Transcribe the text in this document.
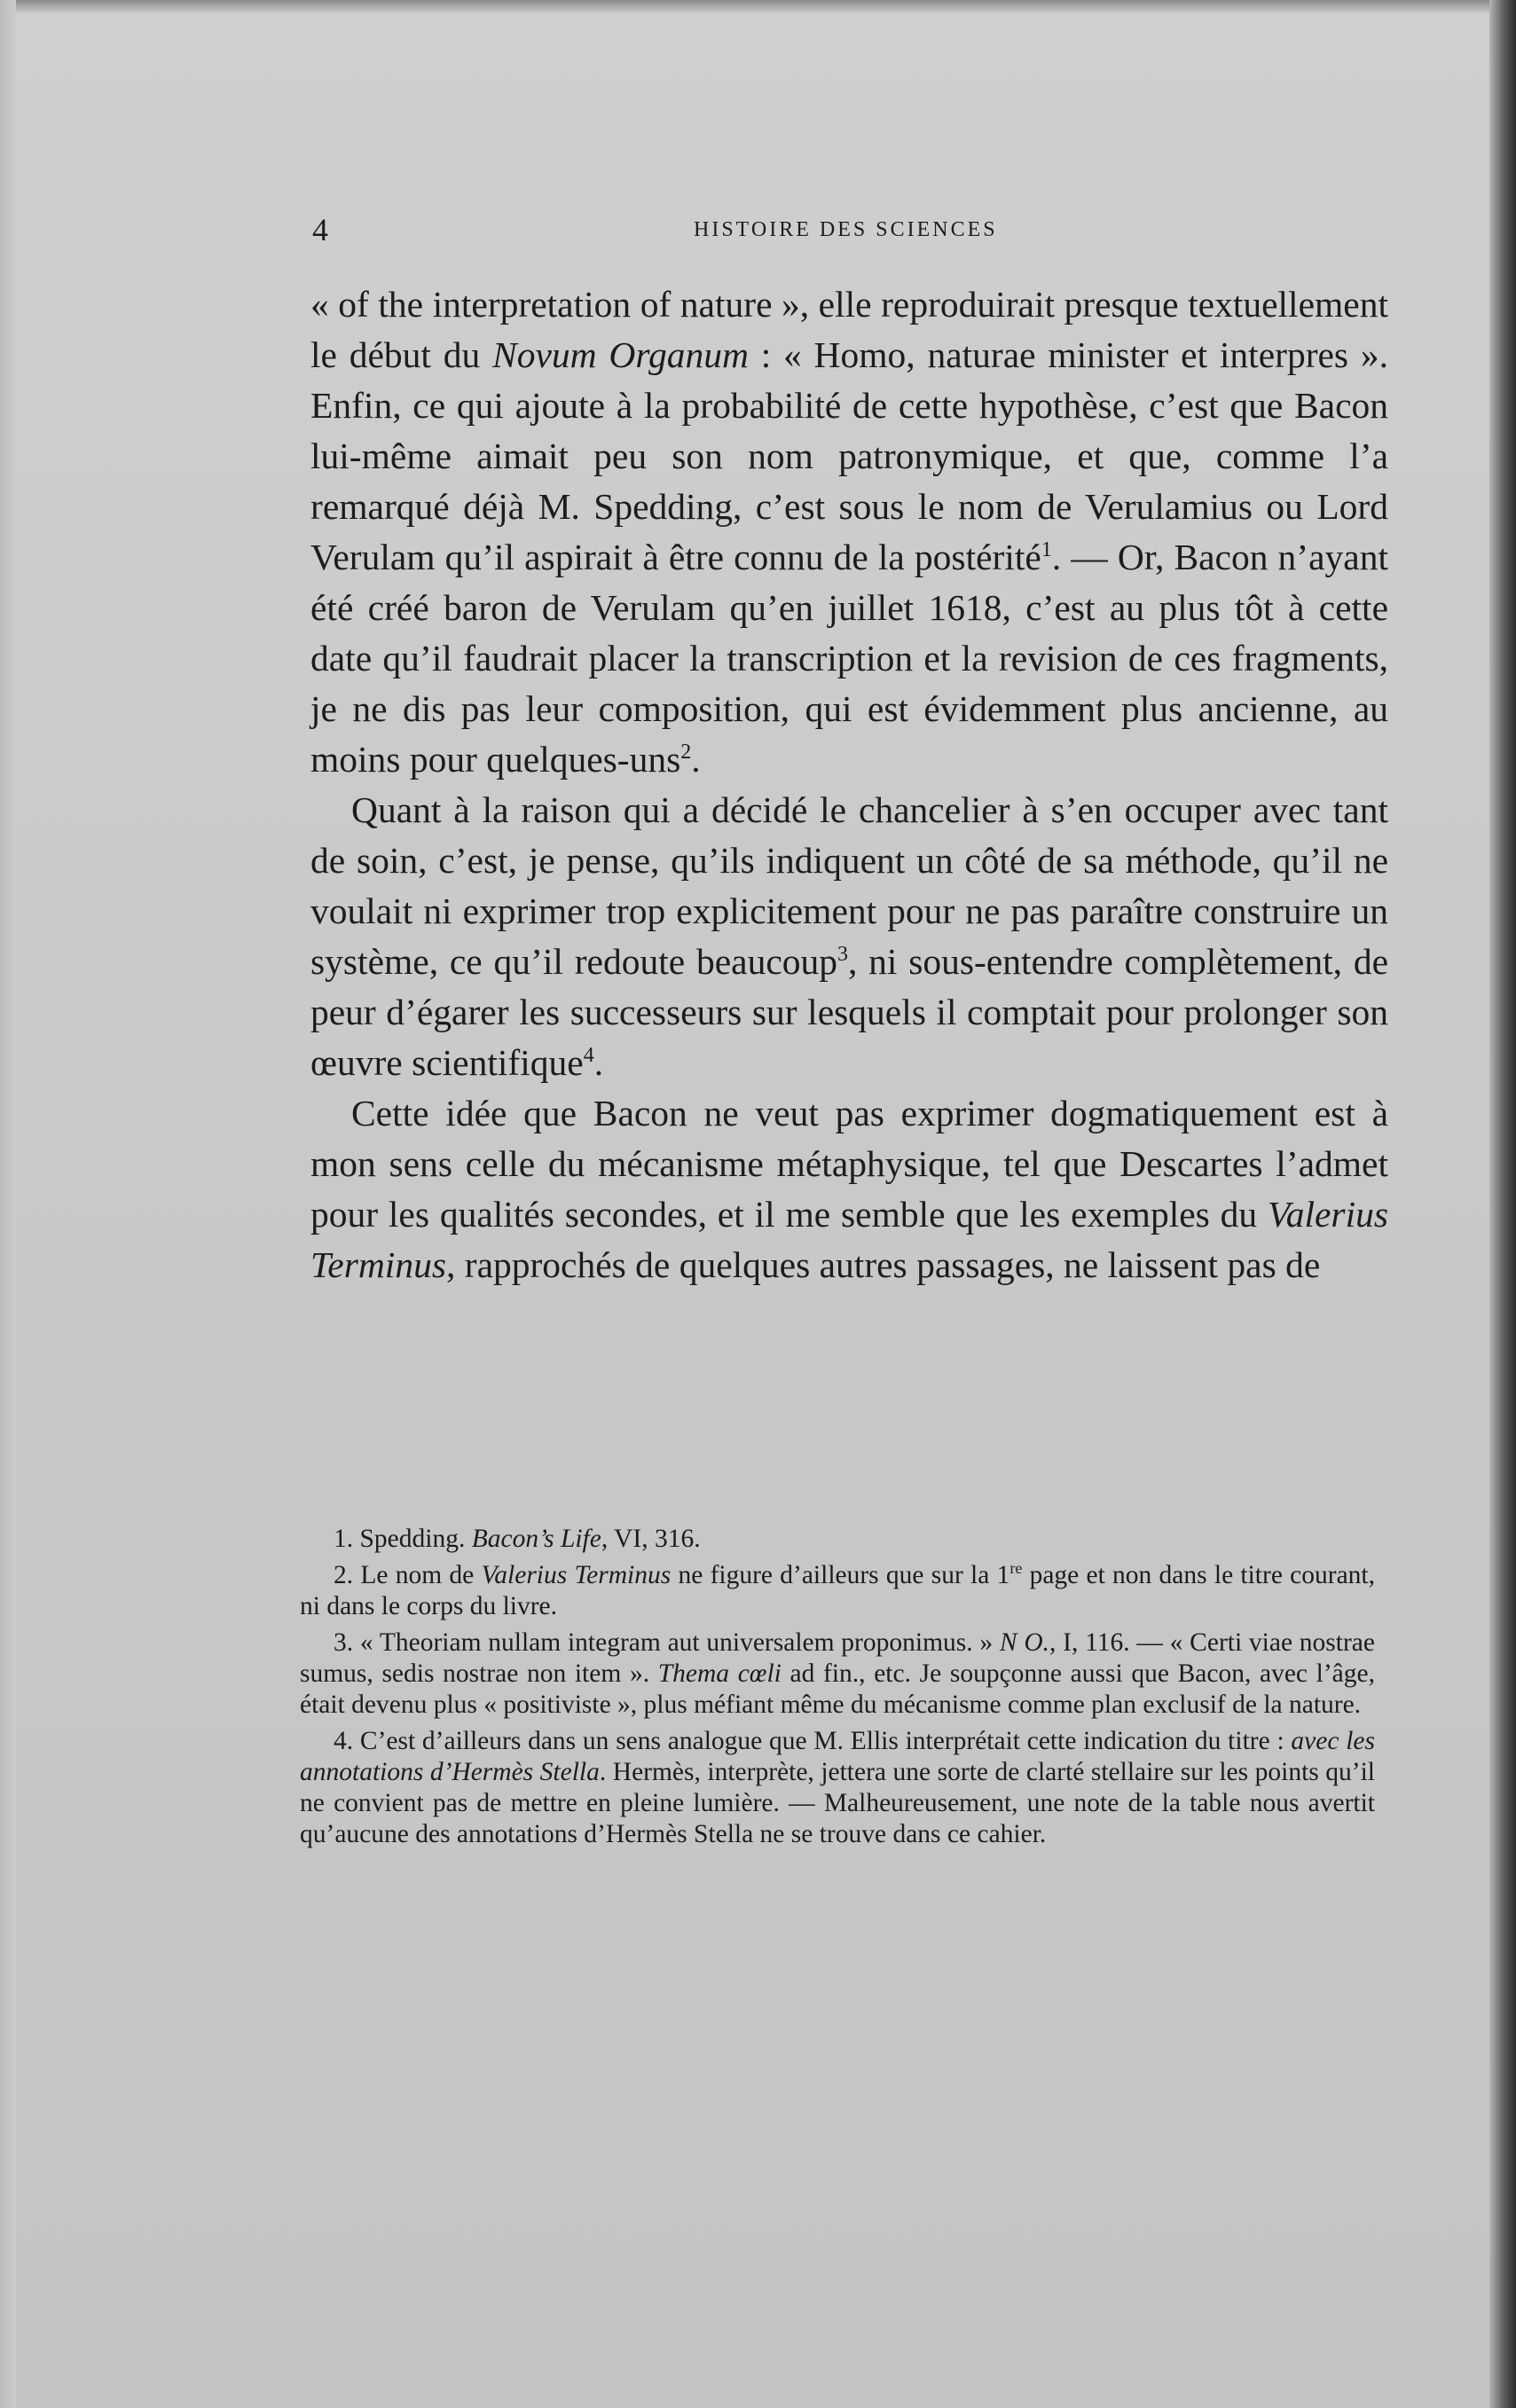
4	HISTOIRE DES SCIENCES

« of the interpretation of nature », elle reproduirait presque textuellement le début du Novum Organum : « Homo, naturae minister et interpres ». Enfin, ce qui ajoute à la probabilité de cette hypothèse, c’est que Bacon lui-même aimait peu son nom patronymique, et que, comme l’a remarqué déjà M. Spedding, c’est sous le nom de Verulamius ou Lord Verulam qu’il aspirait à être connu de la postérité$^1$. — Or, Bacon n’ayant été créé baron de Verulam qu’en juillet 1618, c’est au plus tôt à cette date qu’il faudrait placer la transcription et la revision de ces fragments, je ne dis pas leur composition, qui est évidemment plus ancienne, au moins pour quelques-uns$^2$.

Quant à la raison qui a décidé le chancelier à s’en occuper avec tant de soin, c’est, je pense, qu’ils indiquent un côté de sa méthode, qu’il ne voulait ni exprimer trop explicitement pour ne pas paraître construire un système, ce qu’il redoute beaucoup$^3$, ni sous-entendre complètement, de peur d’égarer les successeurs sur lesquels il comptait pour prolonger son œuvre scientifique$^4$.

Cette idée que Bacon ne veut pas exprimer dogmatiquement est à mon sens celle du mécanisme métaphysique, tel que Descartes l’admet pour les qualités secondes, et il me semble que les exemples du Valerius Terminus, rapprochés de quelques autres passages, ne laissent pas de

1. Spedding. Bacon’s Life, VI, 316.

2. Le nom de Valerius Terminus ne figure d’ailleurs que sur la 1re page et non dans le titre courant, ni dans le corps du livre.

3. « Theoriam nullam integram aut universalem proponimus. » N O., I, 116. — « Certi viae nostrae sumus, sedis nostrae non item ». Thema cœli ad fin., etc. Je soupçonne aussi que Bacon, avec l’âge, était devenu plus « positiviste », plus méfiant même du mécanisme comme plan exclusif de la nature.

4. C’est d’ailleurs dans un sens analogue que M. Ellis interprétait cette indication du titre : avec les annotations d’Hermès Stella. Hermès, interprète, jettera une sorte de clarté stellaire sur les points qu’il ne convient pas de mettre en pleine lumière. — Malheureusement, une note de la table nous avertit qu’aucune des annotations d’Hermès Stella ne se trouve dans ce cahier.
